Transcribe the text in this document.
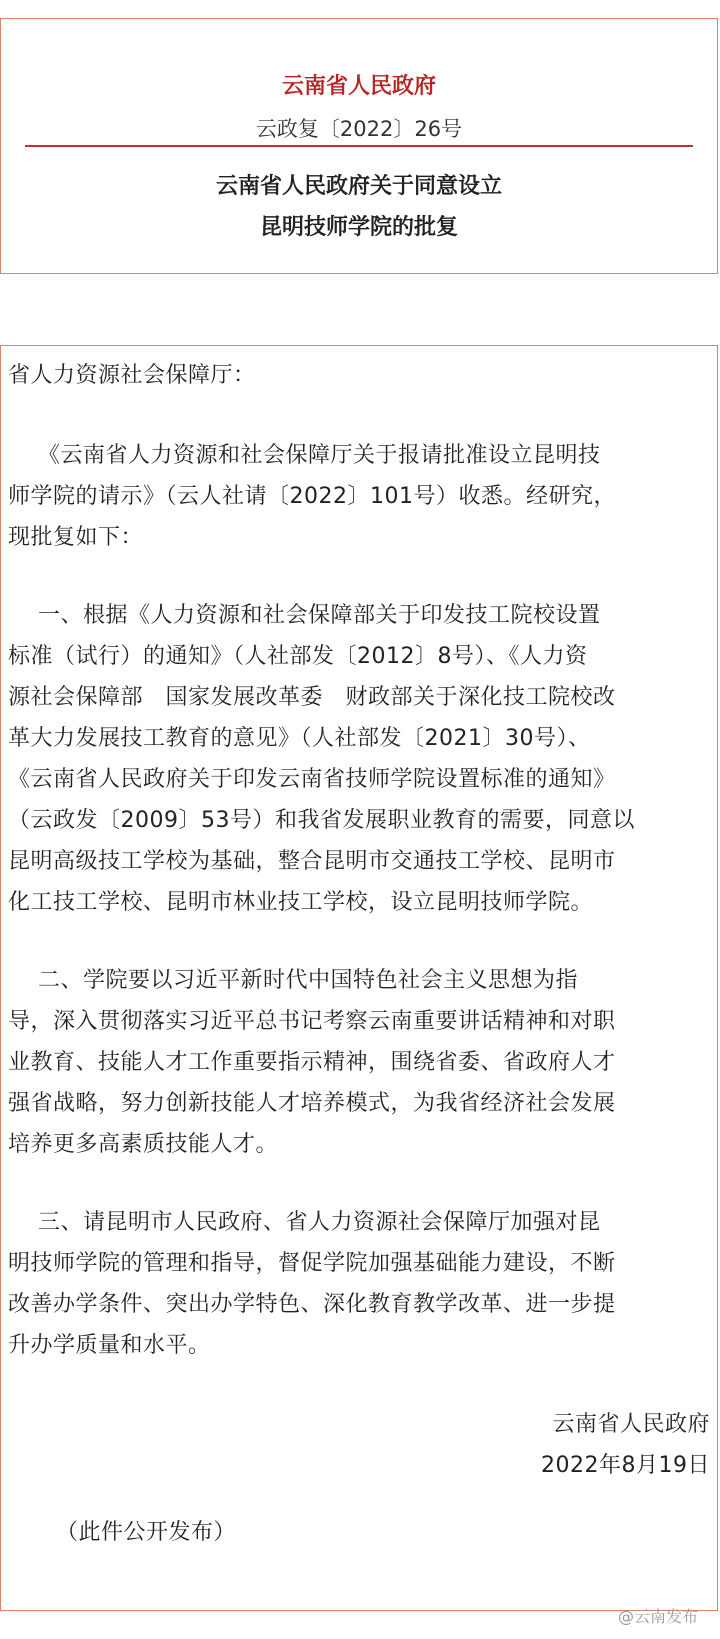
云南省人民政府
云政复〔2022〕26号
云南省人民政府关于同意设立
昆明技师学院的批复
省人力资源社会保障厅：
《云南省人力资源和社会保障厅关于报请批准设立昆明技
师学院的请示》（云人社请〔2022〕101号）收悉。经研究，
现批复如下：
一、根据《人力资源和社会保障部关于印发技工院校设置
标准（试行）的通知》（人社部发〔2012〕8号）、《人力资
源社会保障部　国家发展改革委　财政部关于深化技工院校改
革大力发展技工教育的意见》（人社部发〔2021〕30号）、
《云南省人民政府关于印发云南省技师学院设置标准的通知》
（云政发〔2009〕53号）和我省发展职业教育的需要，同意以
昆明高级技工学校为基础，整合昆明市交通技工学校、昆明市
化工技工学校、昆明市林业技工学校，设立昆明技师学院。
二、学院要以习近平新时代中国特色社会主义思想为指
导，深入贯彻落实习近平总书记考察云南重要讲话精神和对职
业教育、技能人才工作重要指示精神，围绕省委、省政府人才
强省战略，努力创新技能人才培养模式，为我省经济社会发展
培养更多高素质技能人才。
三、请昆明市人民政府、省人力资源社会保障厅加强对昆
明技师学院的管理和指导，督促学院加强基础能力建设，不断
改善办学条件、突出办学特色、深化教育教学改革、进一步提
升办学质量和水平。
云南省人民政府
2022年8月19日
（此件公开发布）
@云南发布
